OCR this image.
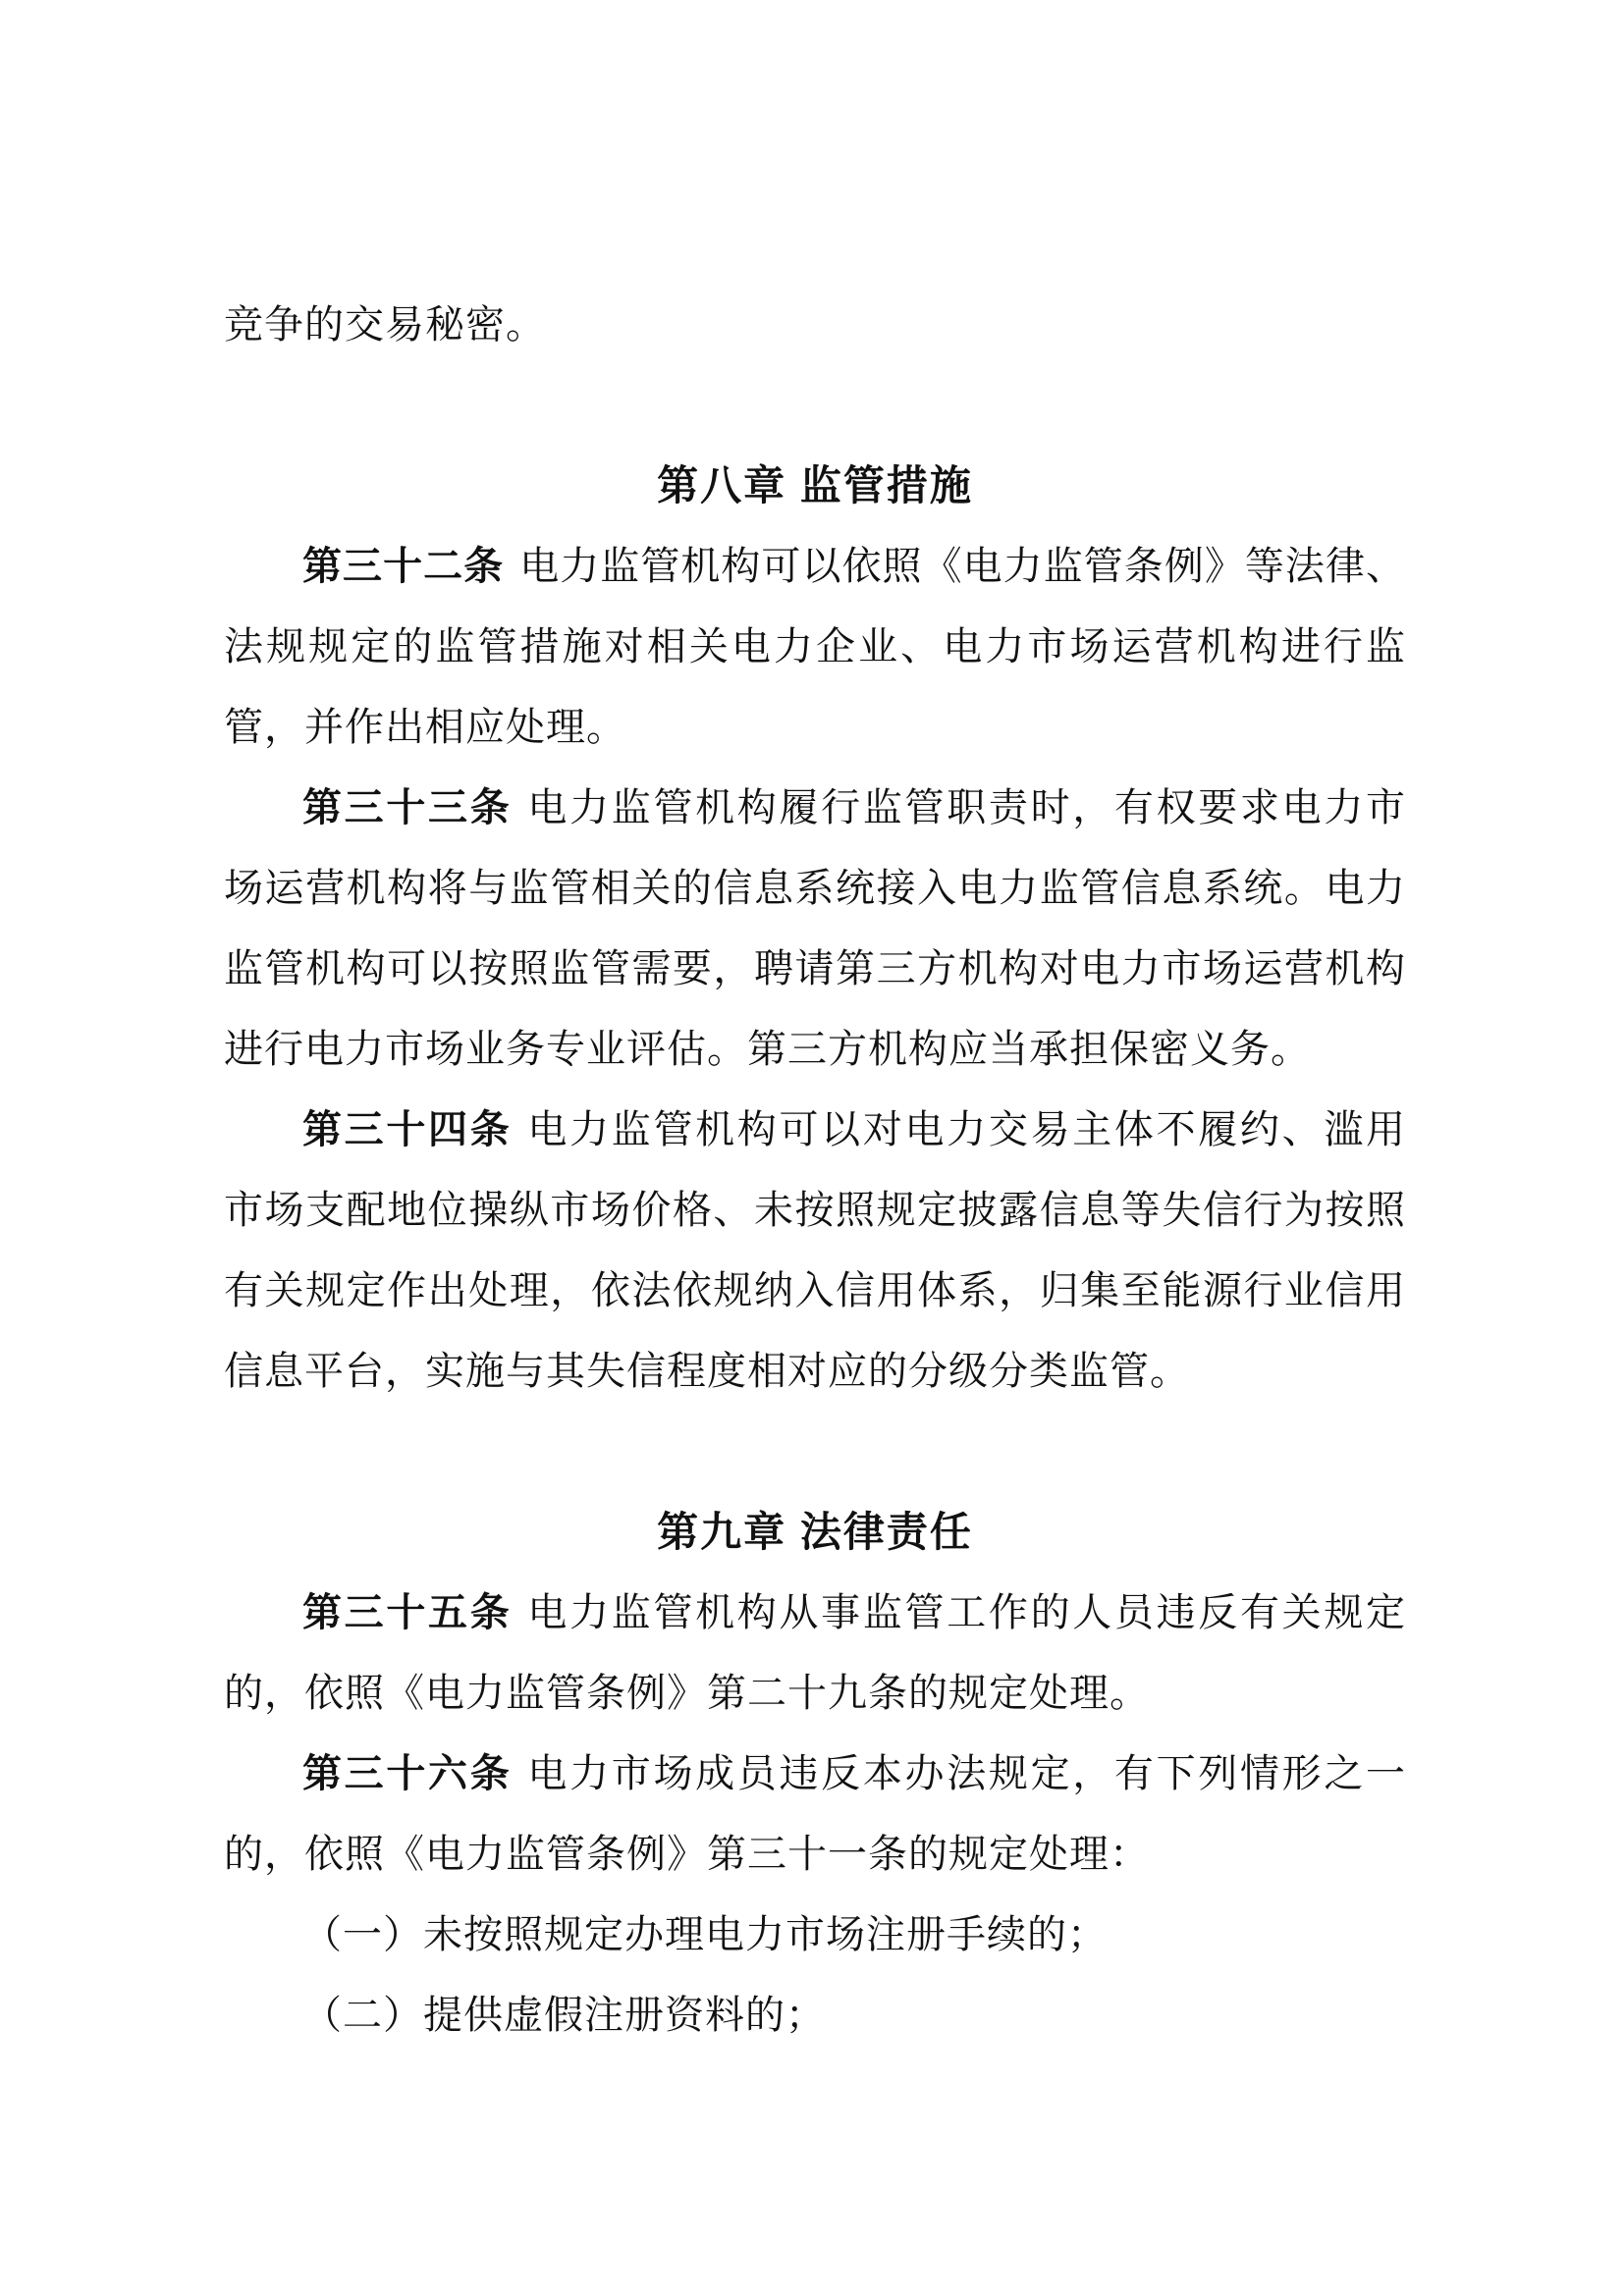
竞争的交易秘密。
第八章 监管措施
第三十二条 电力监管机构可以依照《电力监管条例》等法律、
法规规定的监管措施对相关电力企业、电力市场运营机构进行监
管，并作出相应处理。
第三十三条 电力监管机构履行监管职责时，有权要求电力市
场运营机构将与监管相关的信息系统接入电力监管信息系统。电力
监管机构可以按照监管需要，聘请第三方机构对电力市场运营机构
进行电力市场业务专业评估。第三方机构应当承担保密义务。
第三十四条 电力监管机构可以对电力交易主体不履约、滥用
市场支配地位操纵市场价格、未按照规定披露信息等失信行为按照
有关规定作出处理，依法依规纳入信用体系，归集至能源行业信用
信息平台，实施与其失信程度相对应的分级分类监管。
第九章 法律责任
第三十五条 电力监管机构从事监管工作的人员违反有关规定
的，依照《电力监管条例》第二十九条的规定处理。
第三十六条 电力市场成员违反本办法规定，有下列情形之一
的，依照《电力监管条例》第三十一条的规定处理：
（一）未按照规定办理电力市场注册手续的；
（二）提供虚假注册资料的；
